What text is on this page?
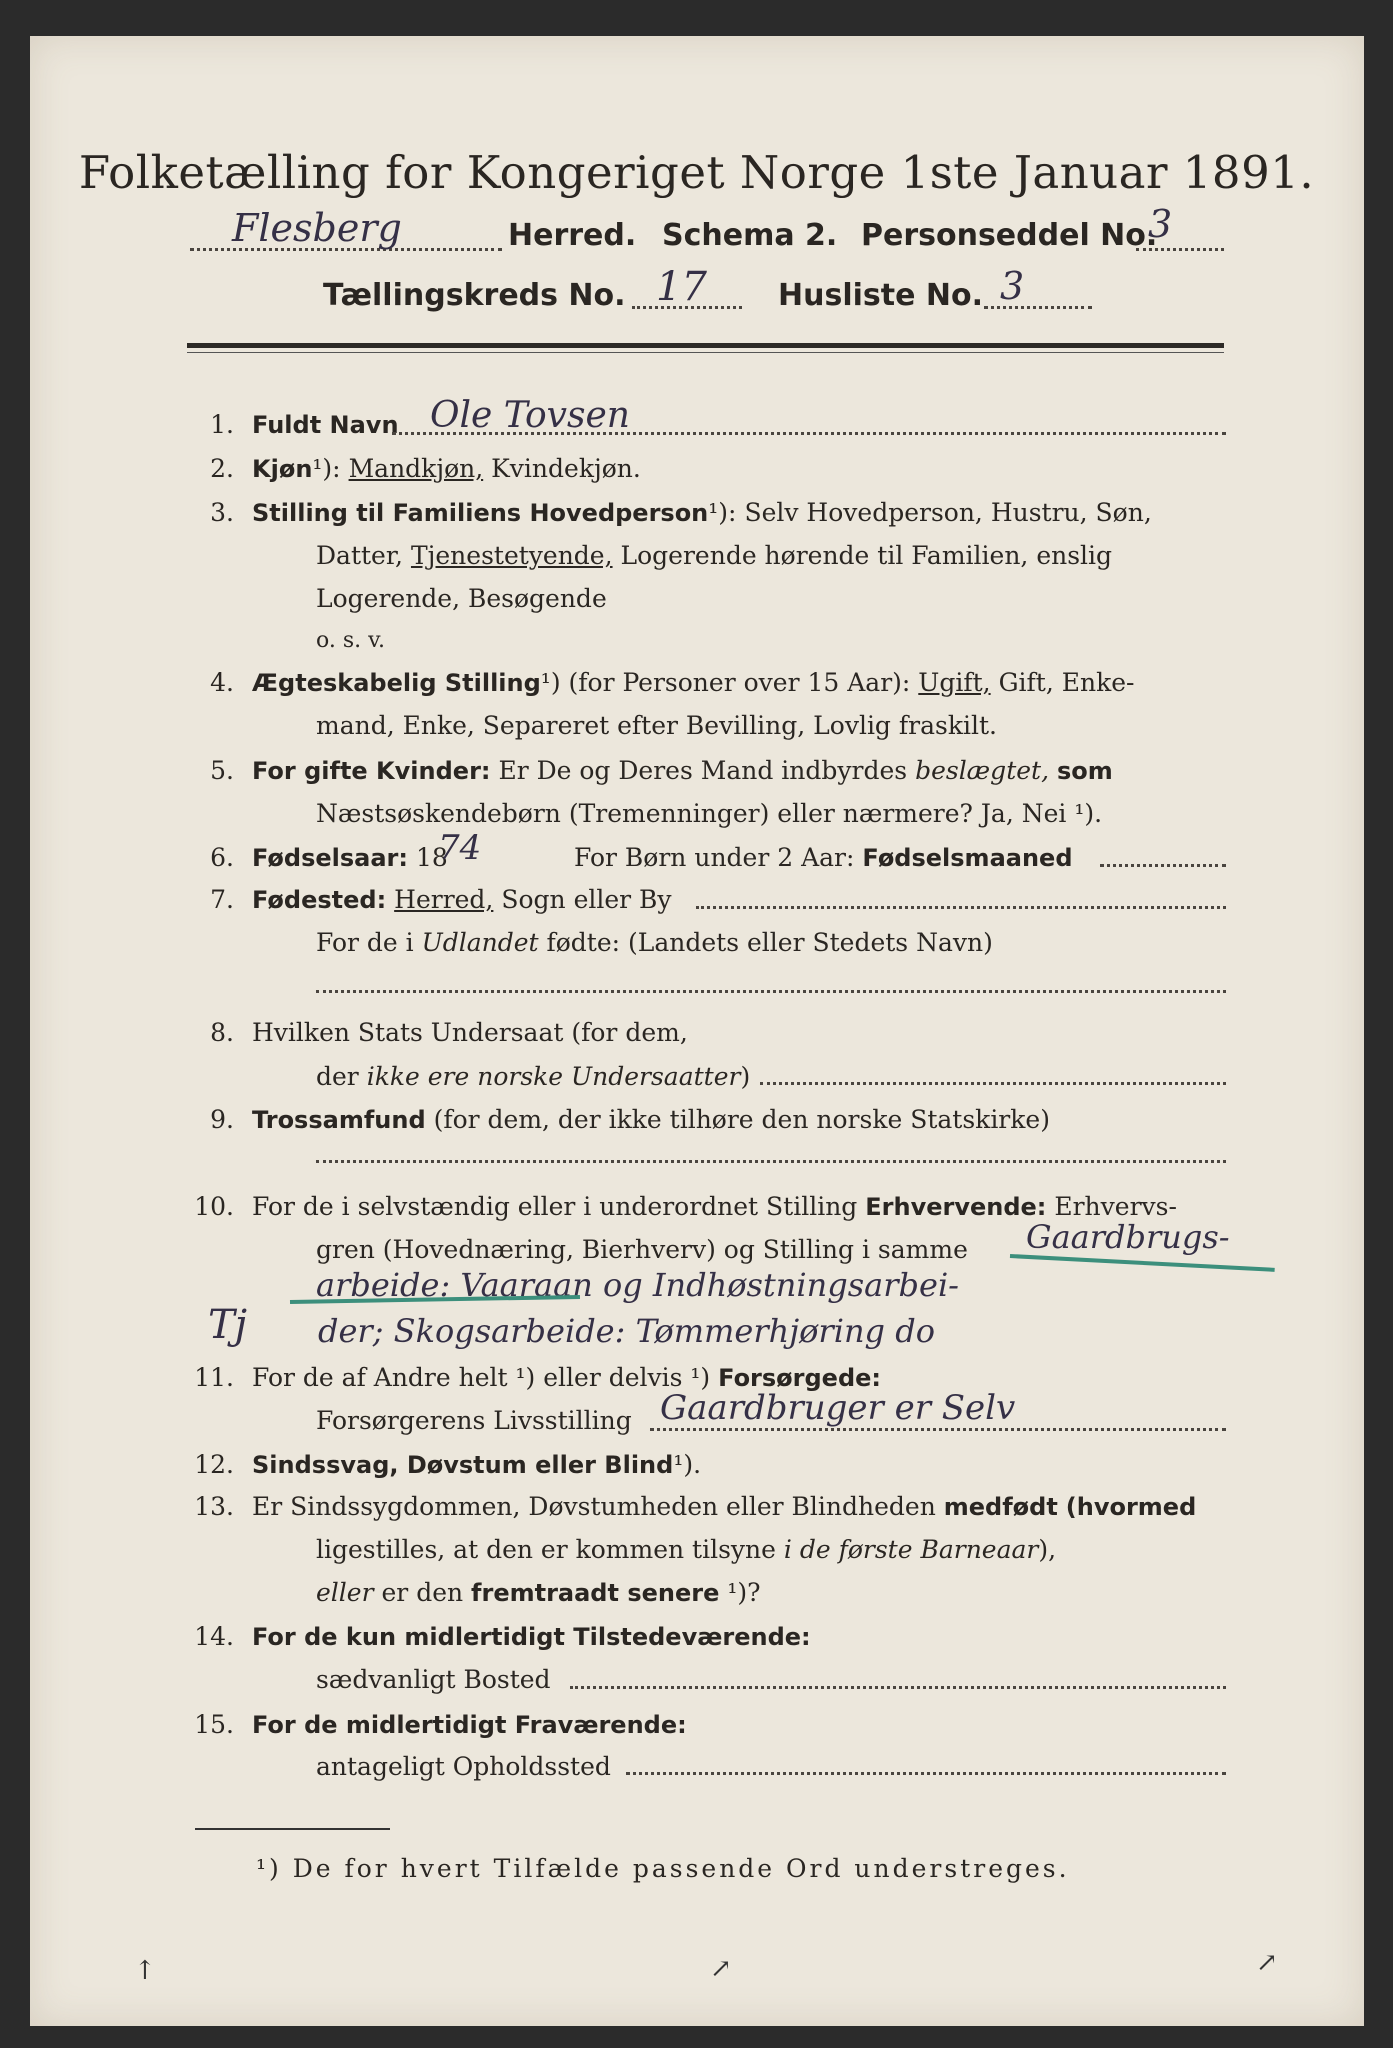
Folketælling for Kongeriget Norge 1ste Januar 1891.
Flesberg	Herred. Schema 2. Personseddel No.
3
Tællingskreds No. 17 Husliste No. 3
1. Fuldt Navn Ole Tovsen
2. Kjøn¹): Mandkjøn, Kvindekjøn.
3. Stilling til Familiens Hovedperson¹): Selv Hovedperson, Hustru, Søn,
Datter, Tjenestetyende, Logerende hørende til Familien, enslig
Logerende, Besøgende
o. s. v.
4. Ægteskabelig Stilling¹) (for Personer over 15 Aar): Ugift, Gift, Enke-
mand, Enke, Separeret efter Bevilling, Lovlig fraskilt.
5. For gifte Kvinder: Er De og Deres Mand indbyrdes beslægtet, som
Næstsøskendebørn (Tremenninger) eller nærmere? Ja, Nei ¹).
6. Fødselsaar: 18
74	For Børn under 2 Aar: Fødselsmaaned
7. Fødested: Herred, Sogn eller By
For de i Udlandet fødte: (Landets eller Stedets Navn)
8. Hvilken Stats Undersaat (for dem,
der ikke ere norske Undersaatter)
9. Trossamfund (for dem, der ikke tilhøre den norske Statskirke)
10. For de i selvstændig eller i underordnet Stilling Erhvervende: Erhvervs-
gren (Hovednæring, Bierhverv) og Stilling i samme Gaardbrugs-
arbeide: Vaaraan og Indhøstningsarbei-
der; Skogsarbeide: Tømmerhjøring do
Tj
11. For de af Andre helt ¹) eller delvis ¹) Forsørgede:
Forsørgerens Livsstilling Gaardbruger er Selv
12. Sindssvag, Døvstum eller Blind¹).
13. Er Sindssygdommen, Døvstumheden eller Blindheden medfødt (hvormed
ligestilles, at den er kommen tilsyne i de første Barneaar),
eller er den fremtraadt senere ¹)?
14. For de kun midlertidigt Tilstedeværende:
sædvanligt Bosted
15. For de midlertidigt Fraværende:
antageligt Opholdssted
¹) De for hvert Tilfælde passende Ord understreges.
↑	↗	↗
